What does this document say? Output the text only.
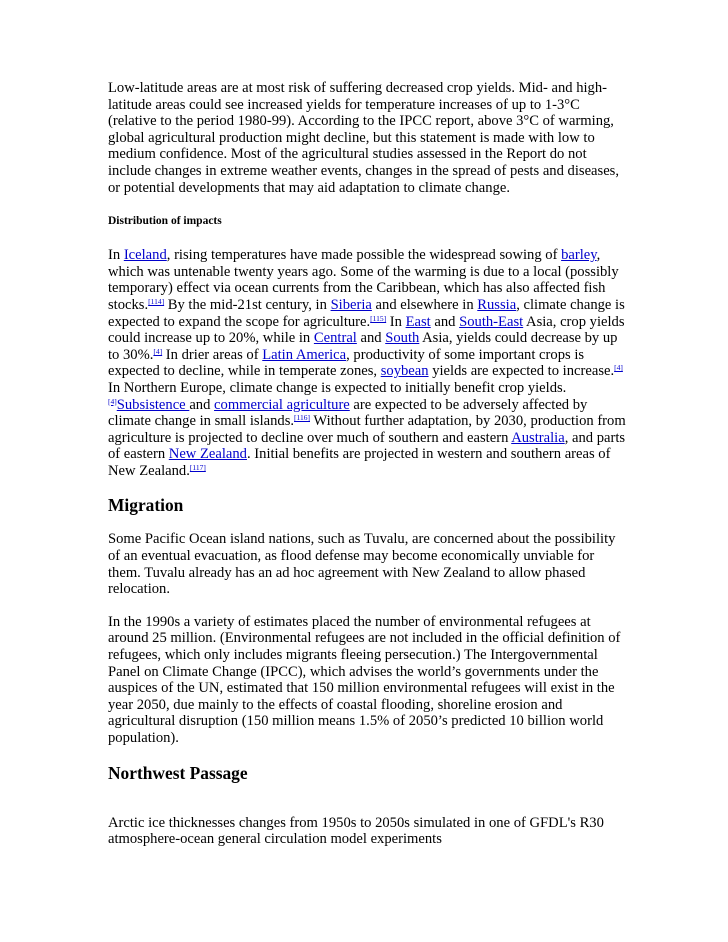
Low-latitude areas are at most risk of suffering decreased crop yields. Mid- and high-latitude areas could see increased yields for temperature increases of up to 1-3°C (relative to the period 1980-99). According to the IPCC report, above 3°C of warming, global agricultural production might decline, but this statement is made with low to medium confidence. Most of the agricultural studies assessed in the Report do not include changes in extreme weather events, changes in the spread of pests and diseases, or potential developments that may aid adaptation to climate change.

Distribution of impacts

In Iceland, rising temperatures have made possible the widespread sowing of barley, which was untenable twenty years ago. Some of the warming is due to a local (possibly temporary) effect via ocean currents from the Caribbean, which has also affected fish stocks.[114] By the mid-21st century, in Siberia and elsewhere in Russia, climate change is expected to expand the scope for agriculture.[115] In East and South-East Asia, crop yields could increase up to 20%, while in Central and South Asia, yields could decrease by up to 30%.[4] In drier areas of Latin America, productivity of some important crops is expected to decline, while in temperate zones, soybean yields are expected to increase.[4] In Northern Europe, climate change is expected to initially benefit crop yields.[4]Subsistence and commercial agriculture are expected to be adversely affected by climate change in small islands.[116] Without further adaptation, by 2030, production from agriculture is projected to decline over much of southern and eastern Australia, and parts of eastern New Zealand. Initial benefits are projected in western and southern areas of New Zealand.[117]

Migration

Some Pacific Ocean island nations, such as Tuvalu, are concerned about the possibility of an eventual evacuation, as flood defense may become economically unviable for them. Tuvalu already has an ad hoc agreement with New Zealand to allow phased relocation.

In the 1990s a variety of estimates placed the number of environmental refugees at around 25 million. (Environmental refugees are not included in the official definition of refugees, which only includes migrants fleeing persecution.) The Intergovernmental Panel on Climate Change (IPCC), which advises the world’s governments under the auspices of the UN, estimated that 150 million environmental refugees will exist in the year 2050, due mainly to the effects of coastal flooding, shoreline erosion and agricultural disruption (150 million means 1.5% of 2050’s predicted 10 billion world population).

Northwest Passage

Arctic ice thicknesses changes from 1950s to 2050s simulated in one of GFDL's R30 atmosphere-ocean general circulation model experiments
